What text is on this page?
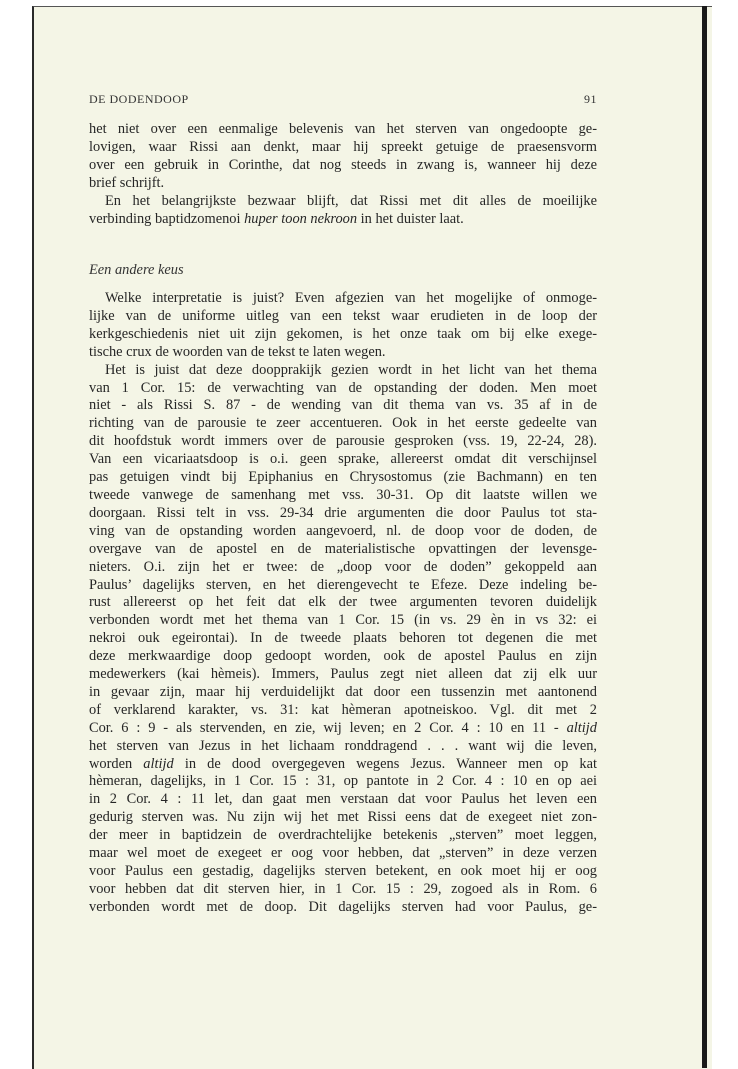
DE DODENDOOP	91
het niet over een eenmalige belevenis van het sterven van ongedoopte ge-
lovigen, waar Rissi aan denkt, maar hij spreekt getuige de praesensvorm
over een gebruik in Corinthe, dat nog steeds in zwang is, wanneer hij deze
brief schrijft.
En het belangrijkste bezwaar blijft, dat Rissi met dit alles de moeilijke
verbinding baptidzomenoi huper toon nekroon in het duister laat.
Een andere keus
Welke interpretatie is juist? Even afgezien van het mogelijke of onmoge-
lijke van de uniforme uitleg van een tekst waar erudieten in de loop der
kerkgeschiedenis niet uit zijn gekomen, is het onze taak om bij elke exege-
tische crux de woorden van de tekst te laten wegen.
Het is juist dat deze doopprakijk gezien wordt in het licht van het thema
van 1 Cor. 15: de verwachting van de opstanding der doden. Men moet
niet - als Rissi S. 87 - de wending van dit thema van vs. 35 af in de
richting van de parousie te zeer accentueren. Ook in het eerste gedeelte van
dit hoofdstuk wordt immers over de parousie gesproken (vss. 19, 22-24, 28).
Van een vicariaatsdoop is o.i. geen sprake, allereerst omdat dit verschijnsel
pas getuigen vindt bij Epiphanius en Chrysostomus (zie Bachmann) en ten
tweede vanwege de samenhang met vss. 30-31. Op dit laatste willen we
doorgaan. Rissi telt in vss. 29-34 drie argumenten die door Paulus tot sta-
ving van de opstanding worden aangevoerd, nl. de doop voor de doden, de
overgave van de apostel en de materialistische opvattingen der levensge-
nieters. O.i. zijn het er twee: de „doop voor de doden” gekoppeld aan
Paulus’ dagelijks sterven, en het dierengevecht te Efeze. Deze indeling be-
rust allereerst op het feit dat elk der twee argumenten tevoren duidelijk
verbonden wordt met het thema van 1 Cor. 15 (in vs. 29 èn in vs 32: ei
nekroi ouk egeirontai). In de tweede plaats behoren tot degenen die met
deze merkwaardige doop gedoopt worden, ook de apostel Paulus en zijn
medewerkers (kai hèmeis). Immers, Paulus zegt niet alleen dat zij elk uur
in gevaar zijn, maar hij verduidelijkt dat door een tussenzin met aantonend
of verklarend karakter, vs. 31: kat hèmeran apotneiskoo. Vgl. dit met 2
Cor. 6 : 9 - als stervenden, en zie, wij leven; en 2 Cor. 4 : 10 en 11 - altijd
het sterven van Jezus in het lichaam ronddragend . . . want wij die leven,
worden altijd in de dood overgegeven wegens Jezus. Wanneer men op kat
hèmeran, dagelijks, in 1 Cor. 15 : 31, op pantote in 2 Cor. 4 : 10 en op aei
in 2 Cor. 4 : 11 let, dan gaat men verstaan dat voor Paulus het leven een
gedurig sterven was. Nu zijn wij het met Rissi eens dat de exegeet niet zon-
der meer in baptidzein de overdrachtelijke betekenis „sterven” moet leggen,
maar wel moet de exegeet er oog voor hebben, dat „sterven” in deze verzen
voor Paulus een gestadig, dagelijks sterven betekent, en ook moet hij er oog
voor hebben dat dit sterven hier, in 1 Cor. 15 : 29, zogoed als in Rom. 6
verbonden wordt met de doop. Dit dagelijks sterven had voor Paulus, ge-
